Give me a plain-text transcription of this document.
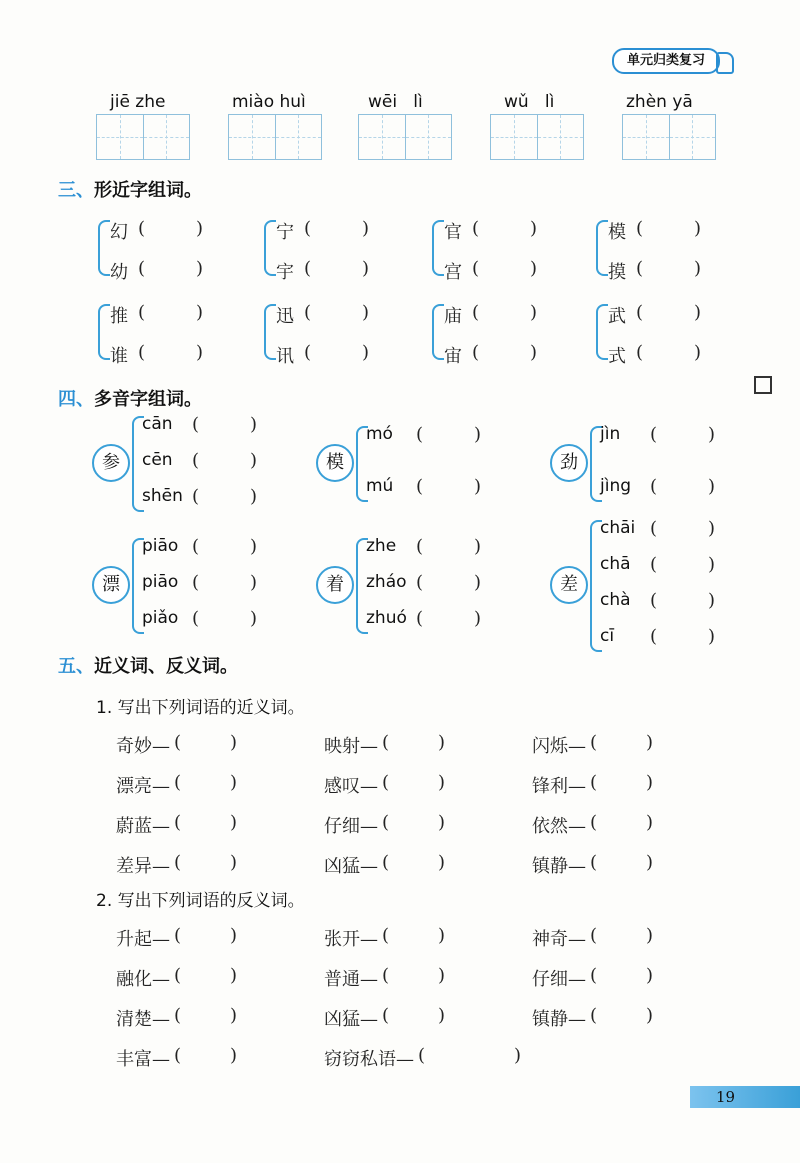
单元归类复习
jiē zhe	miào huì	wēi   lì	wǔ   lì	zhèn yā
三、形近字组词。
幻 (	)
幼 (	)
宁 (	)
宇 (	)
官 (	)
宫 (	)
模 (	)
摸 (	)
推 (	)
谁 (	)
迅 (	)
讯 (	)
庙 (	)
宙 (	)
武 (	)
式 (	)
四、多音字组词。
参
cān (	)
cēn (	)
shēn (	)
模
mó (	)
mú (	)
劲
jìn (	)
jìng (	)
漂
piāo (	)
piāo (	)
piǎo (	)
着
zhe (	)
zháo (	)
zhuó (	)
差
chāi (	)
chā (	)
chà (	)
cī (	)
五、近义词、反义词。
1. 写出下列词语的近义词。
奇妙— (	)	映射— (	)	闪烁— (	)
漂亮— (	)	感叹— (	)	锋利— (	)
蔚蓝— (	)	仔细— (	)	依然— (	)
差异— (	)	凶猛— (	)	镇静— (	)
2. 写出下列词语的反义词。
升起— (	)	张开— (	)	神奇— (	)
融化— (	)	普通— (	)	仔细— (	)
清楚— (	)	凶猛— (	)	镇静— (	)
丰富— (	)	窃窃私语— (	)
19
